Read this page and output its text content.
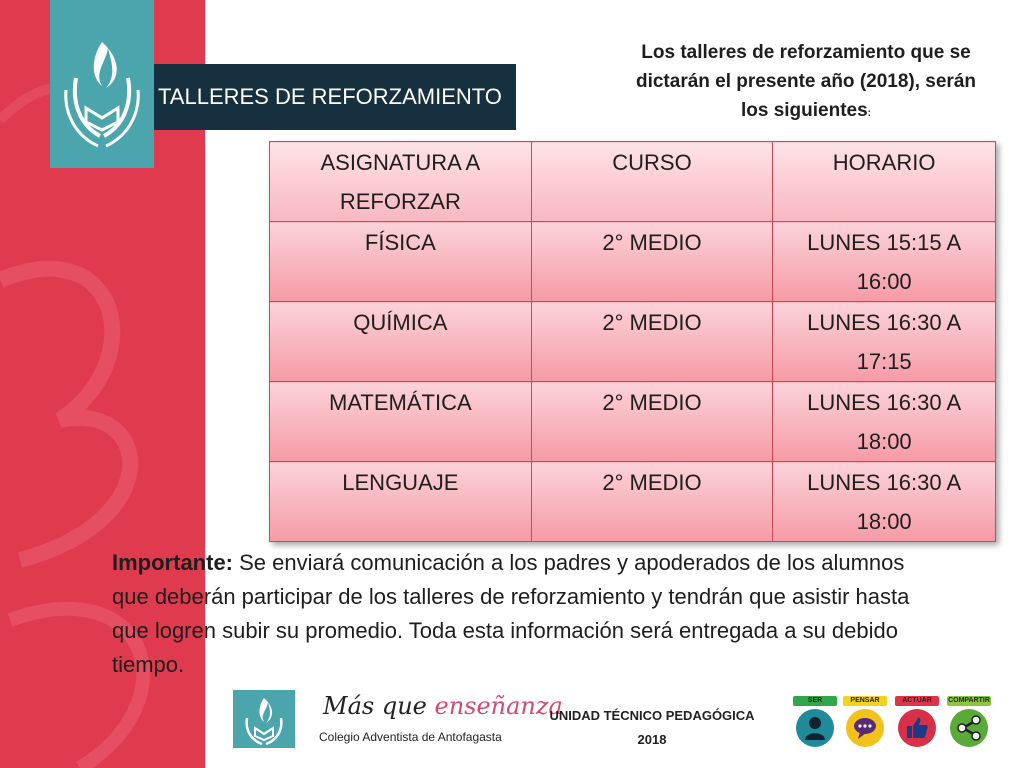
TALLERES DE REFORZAMIENTO
Los talleres de reforzamiento que se dictarán el presente año (2018), serán los siguientes:
ASIGNATURA A REFORZAR	CURSO	HORARIO
FÍSICA	2° MEDIO	LUNES 15:15 A 16:00
QUÍMICA	2° MEDIO	LUNES 16:30 A 17:15
MATEMÁTICA	2° MEDIO	LUNES 16:30 A 18:00
LENGUAJE	2° MEDIO	LUNES 16:30 A 18:00
Importante: Se enviará comunicación a los padres y apoderados de los alumnos que deberán participar de los talleres de reforzamiento y tendrán que asistir hasta que logren subir su promedio. Toda esta información será entregada a su debido tiempo.
Más que enseñanza
Colegio Adventista de Antofagasta
UNIDAD TÉCNICO PEDAGÓGICA
2018
SER	PENSAR	ACTUAR	COMPARTIR
